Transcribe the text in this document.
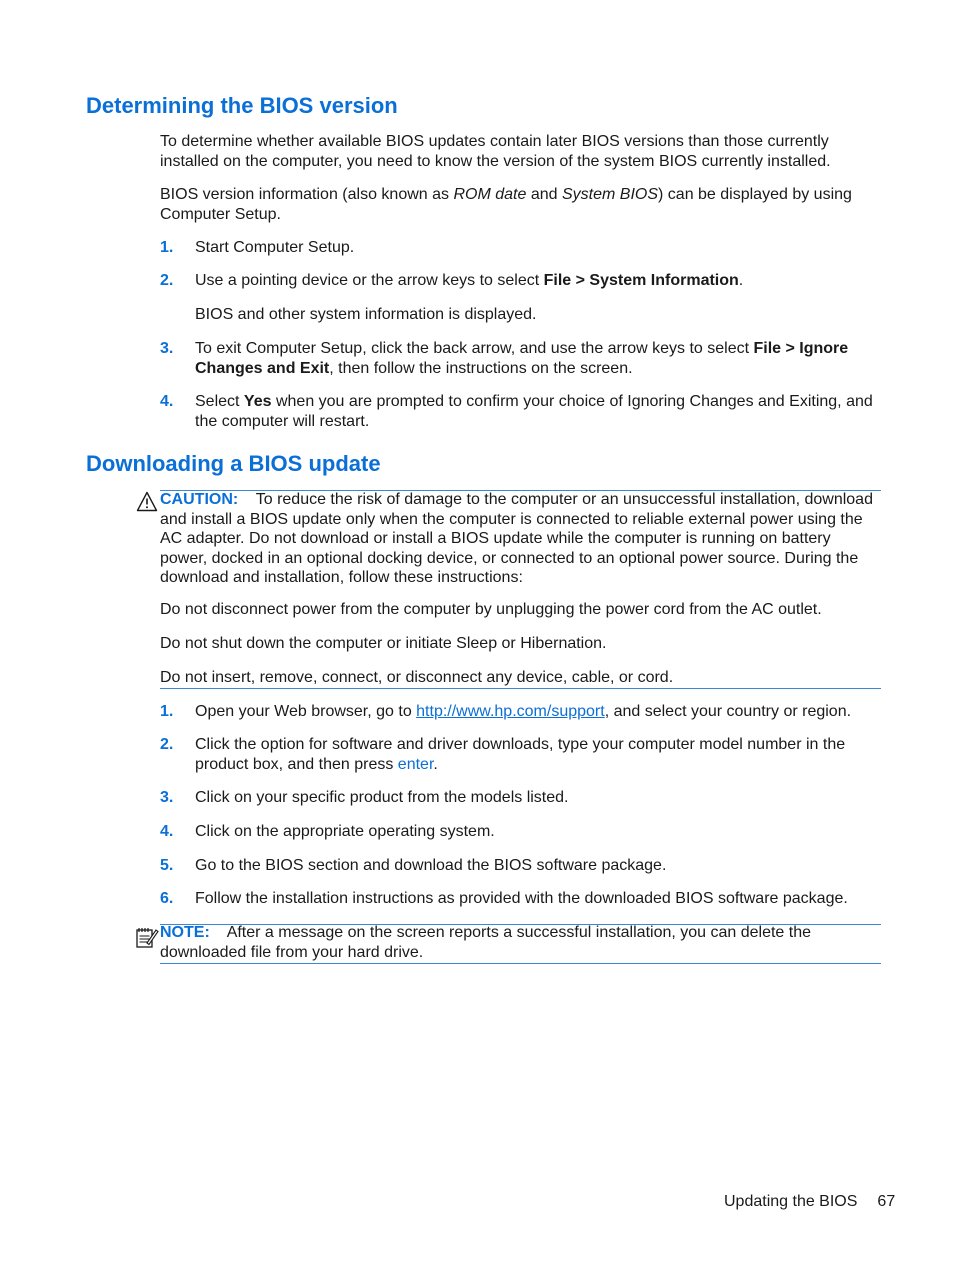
Determining the BIOS version

To determine whether available BIOS updates contain later BIOS versions than those currently installed on the computer, you need to know the version of the system BIOS currently installed.

BIOS version information (also known as ROM date and System BIOS) can be displayed by using Computer Setup.

1. Start Computer Setup.
2. Use a pointing device or the arrow keys to select File > System Information.
BIOS and other system information is displayed.
3. To exit Computer Setup, click the back arrow, and use the arrow keys to select File > Ignore Changes and Exit, then follow the instructions on the screen.
4. Select Yes when you are prompted to confirm your choice of Ignoring Changes and Exiting, and the computer will restart.
Downloading a BIOS update

CAUTION: To reduce the risk of damage to the computer or an unsuccessful installation, download and install a BIOS update only when the computer is connected to reliable external power using the AC adapter. Do not download or install a BIOS update while the computer is running on battery power, docked in an optional docking device, or connected to an optional power source. During the download and installation, follow these instructions:

Do not disconnect power from the computer by unplugging the power cord from the AC outlet.

Do not shut down the computer or initiate Sleep or Hibernation.

Do not insert, remove, connect, or disconnect any device, cable, or cord.

1. Open your Web browser, go to http://www.hp.com/support, and select your country or region.
2. Click the option for software and driver downloads, type your computer model number in the product box, and then press enter.
3. Click on your specific product from the models listed.
4. Click on the appropriate operating system.
5. Go to the BIOS section and download the BIOS software package.
6. Follow the installation instructions as provided with the downloaded BIOS software package.

NOTE: After a message on the screen reports a successful installation, you can delete the downloaded file from your hard drive.

Updating the BIOS 67
